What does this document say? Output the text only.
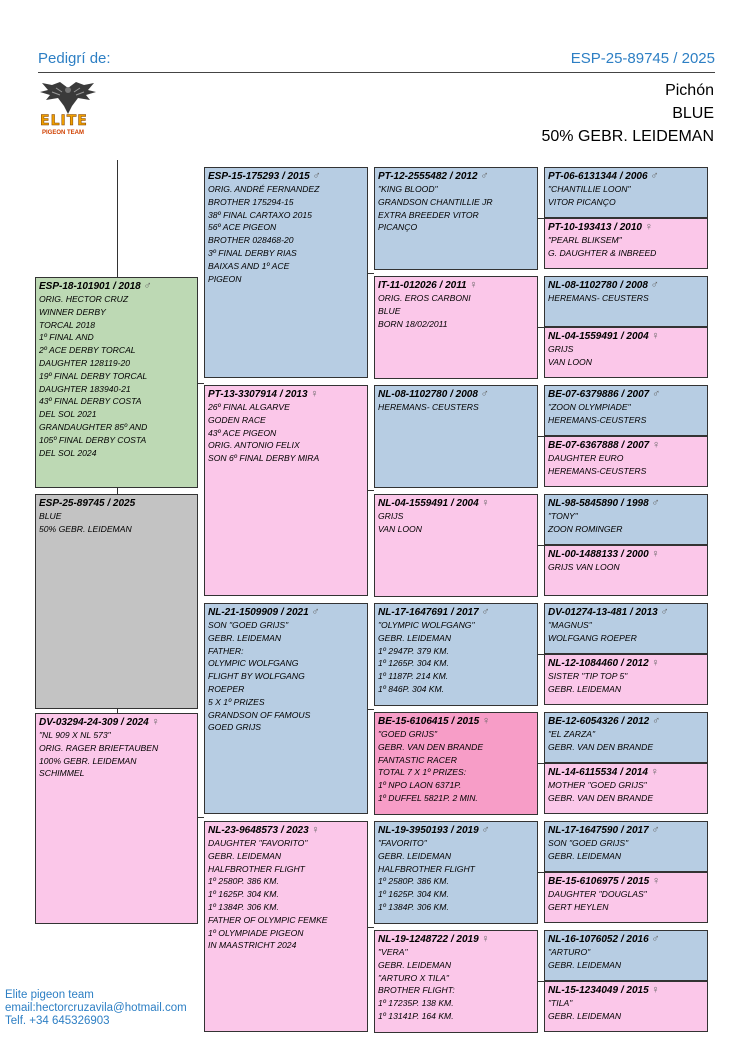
Pedigrí de:	ESP-25-89745 / 2025
ELITE
PIGEON TEAM
Pichón
BLUE
50% GEBR. LEIDEMAN
ESP-25-89745 / 2025
BLUE
50% GEBR. LEIDEMAN
ESP-18-101901 / 2018 ♂
ORIG. HECTOR CRUZ
WINNER DERBY
TORCAL 2018
1º FINAL AND
2º ACE DERBY TORCAL
DAUGHTER 128119-20
19º FINAL DERBY TORCAL
DAUGHTER 183940-21
43º FINAL DERBY COSTA
DEL SOL 2021
GRANDAUGHTER 85º AND
105º FINAL DERBY COSTA
DEL SOL 2024
DV-03294-24-309 / 2024 ♀
"NL 909 X NL 573"
ORIG. RAGER BRIEFTAUBEN
100% GEBR. LEIDEMAN
SCHIMMEL
ESP-15-175293 / 2015 ♂
ORIG. ANDRÉ FERNANDEZ
BROTHER 175294-15
38º FINAL CARTAXO 2015
56º ACE PIGEON
BROTHER 028468-20
3º FINAL DERBY RIAS
BAIXAS AND 1º ACE
PIGEON
PT-13-3307914 / 2013 ♀
26º FINAL ALGARVE
GODEN RACE
43º ACE PIGEON
ORIG. ANTONIO FELIX
SON 6º FINAL DERBY MIRA
NL-21-1509909 / 2021 ♂
SON "GOED GRIJS"
GEBR. LEIDEMAN
FATHER:
OLYMPIC WOLFGANG
FLIGHT BY WOLFGANG
ROEPER
5 X 1º PRIZES
GRANDSON OF FAMOUS
GOED GRIJS
NL-23-9648573 / 2023 ♀
DAUGHTER "FAVORITO"
GEBR. LEIDEMAN
HALFBROTHER FLIGHT
1º 2580P. 386 KM.
1º 1625P. 304 KM.
1º 1384P. 306 KM.
FATHER OF OLYMPIC FEMKE
1º OLYMPIADE PIGEON
IN MAASTRICHT 2024
PT-12-2555482 / 2012 ♂
"KING BLOOD"
GRANDSON CHANTILLIE JR
EXTRA BREEDER VITOR
PICANÇO
IT-11-012026 / 2011 ♀
ORIG. EROS CARBONI
BLUE
BORN 18/02/2011
NL-08-1102780 / 2008 ♂
HEREMANS- CEUSTERS
NL-04-1559491 / 2004 ♀
GRIJS
VAN LOON
NL-17-1647691 / 2017 ♂
"OLYMPIC WOLFGANG"
GEBR. LEIDEMAN
1º 2947P. 379 KM.
1º 1265P. 304 KM.
1º 1187P. 214 KM.
1º 846P. 304 KM.
BE-15-6106415 / 2015 ♀
"GOED GRIJS"
GEBR. VAN DEN BRANDE
FANTASTIC RACER
TOTAL 7 X 1º PRIZES:
1º NPO LAON 6371P.
1º DUFFEL 5821P. 2 MIN.
NL-19-3950193 / 2019 ♂
"FAVORITO"
GEBR. LEIDEMAN
HALFBROTHER FLIGHT
1º 2580P. 386 KM.
1º 1625P. 304 KM.
1º 1384P. 306 KM.
NL-19-1248722 / 2019 ♀
"VERA"
GEBR. LEIDEMAN
"ARTURO X TILA"
BROTHER FLIGHT:
1º 17235P. 138 KM.
1º 13141P. 164 KM.
PT-06-6131344 / 2006 ♂
"CHANTILLIE LOON"
VITOR PICANÇO
PT-10-193413 / 2010 ♀
"PEARL BLIKSEM"
G. DAUGHTER & INBREED
NL-08-1102780 / 2008 ♂
HEREMANS- CEUSTERS
NL-04-1559491 / 2004 ♀
GRIJS
VAN LOON
BE-07-6379886 / 2007 ♂
"ZOON OLYMPIADE"
HEREMANS-CEUSTERS
BE-07-6367888 / 2007 ♀
DAUGHTER EURO
HEREMANS-CEUSTERS
NL-98-5845890 / 1998 ♂
"TONY"
ZOON ROMINGER
NL-00-1488133 / 2000 ♀
GRIJS VAN LOON
DV-01274-13-481 / 2013 ♂
"MAGNUS"
WOLFGANG ROEPER
NL-12-1084460 / 2012 ♀
SISTER "TIP TOP 5"
GEBR. LEIDEMAN
BE-12-6054326 / 2012 ♂
"EL ZARZA"
GEBR. VAN DEN BRANDE
NL-14-6115534 / 2014 ♀
MOTHER "GOED GRIJS"
GEBR. VAN DEN BRANDE
NL-17-1647590 / 2017 ♂
SON "GOED GRIJS"
GEBR. LEIDEMAN
BE-15-6106975 / 2015 ♀
DAUGHTER "DOUGLAS"
GERT HEYLEN
NL-16-1076052 / 2016 ♂
"ARTURO"
GEBR. LEIDEMAN
NL-15-1234049 / 2015 ♀
"TILA"
GEBR. LEIDEMAN
Elite pigeon team
email:hectorcruzavila@hotmail.com
Telf. +34 645326903
